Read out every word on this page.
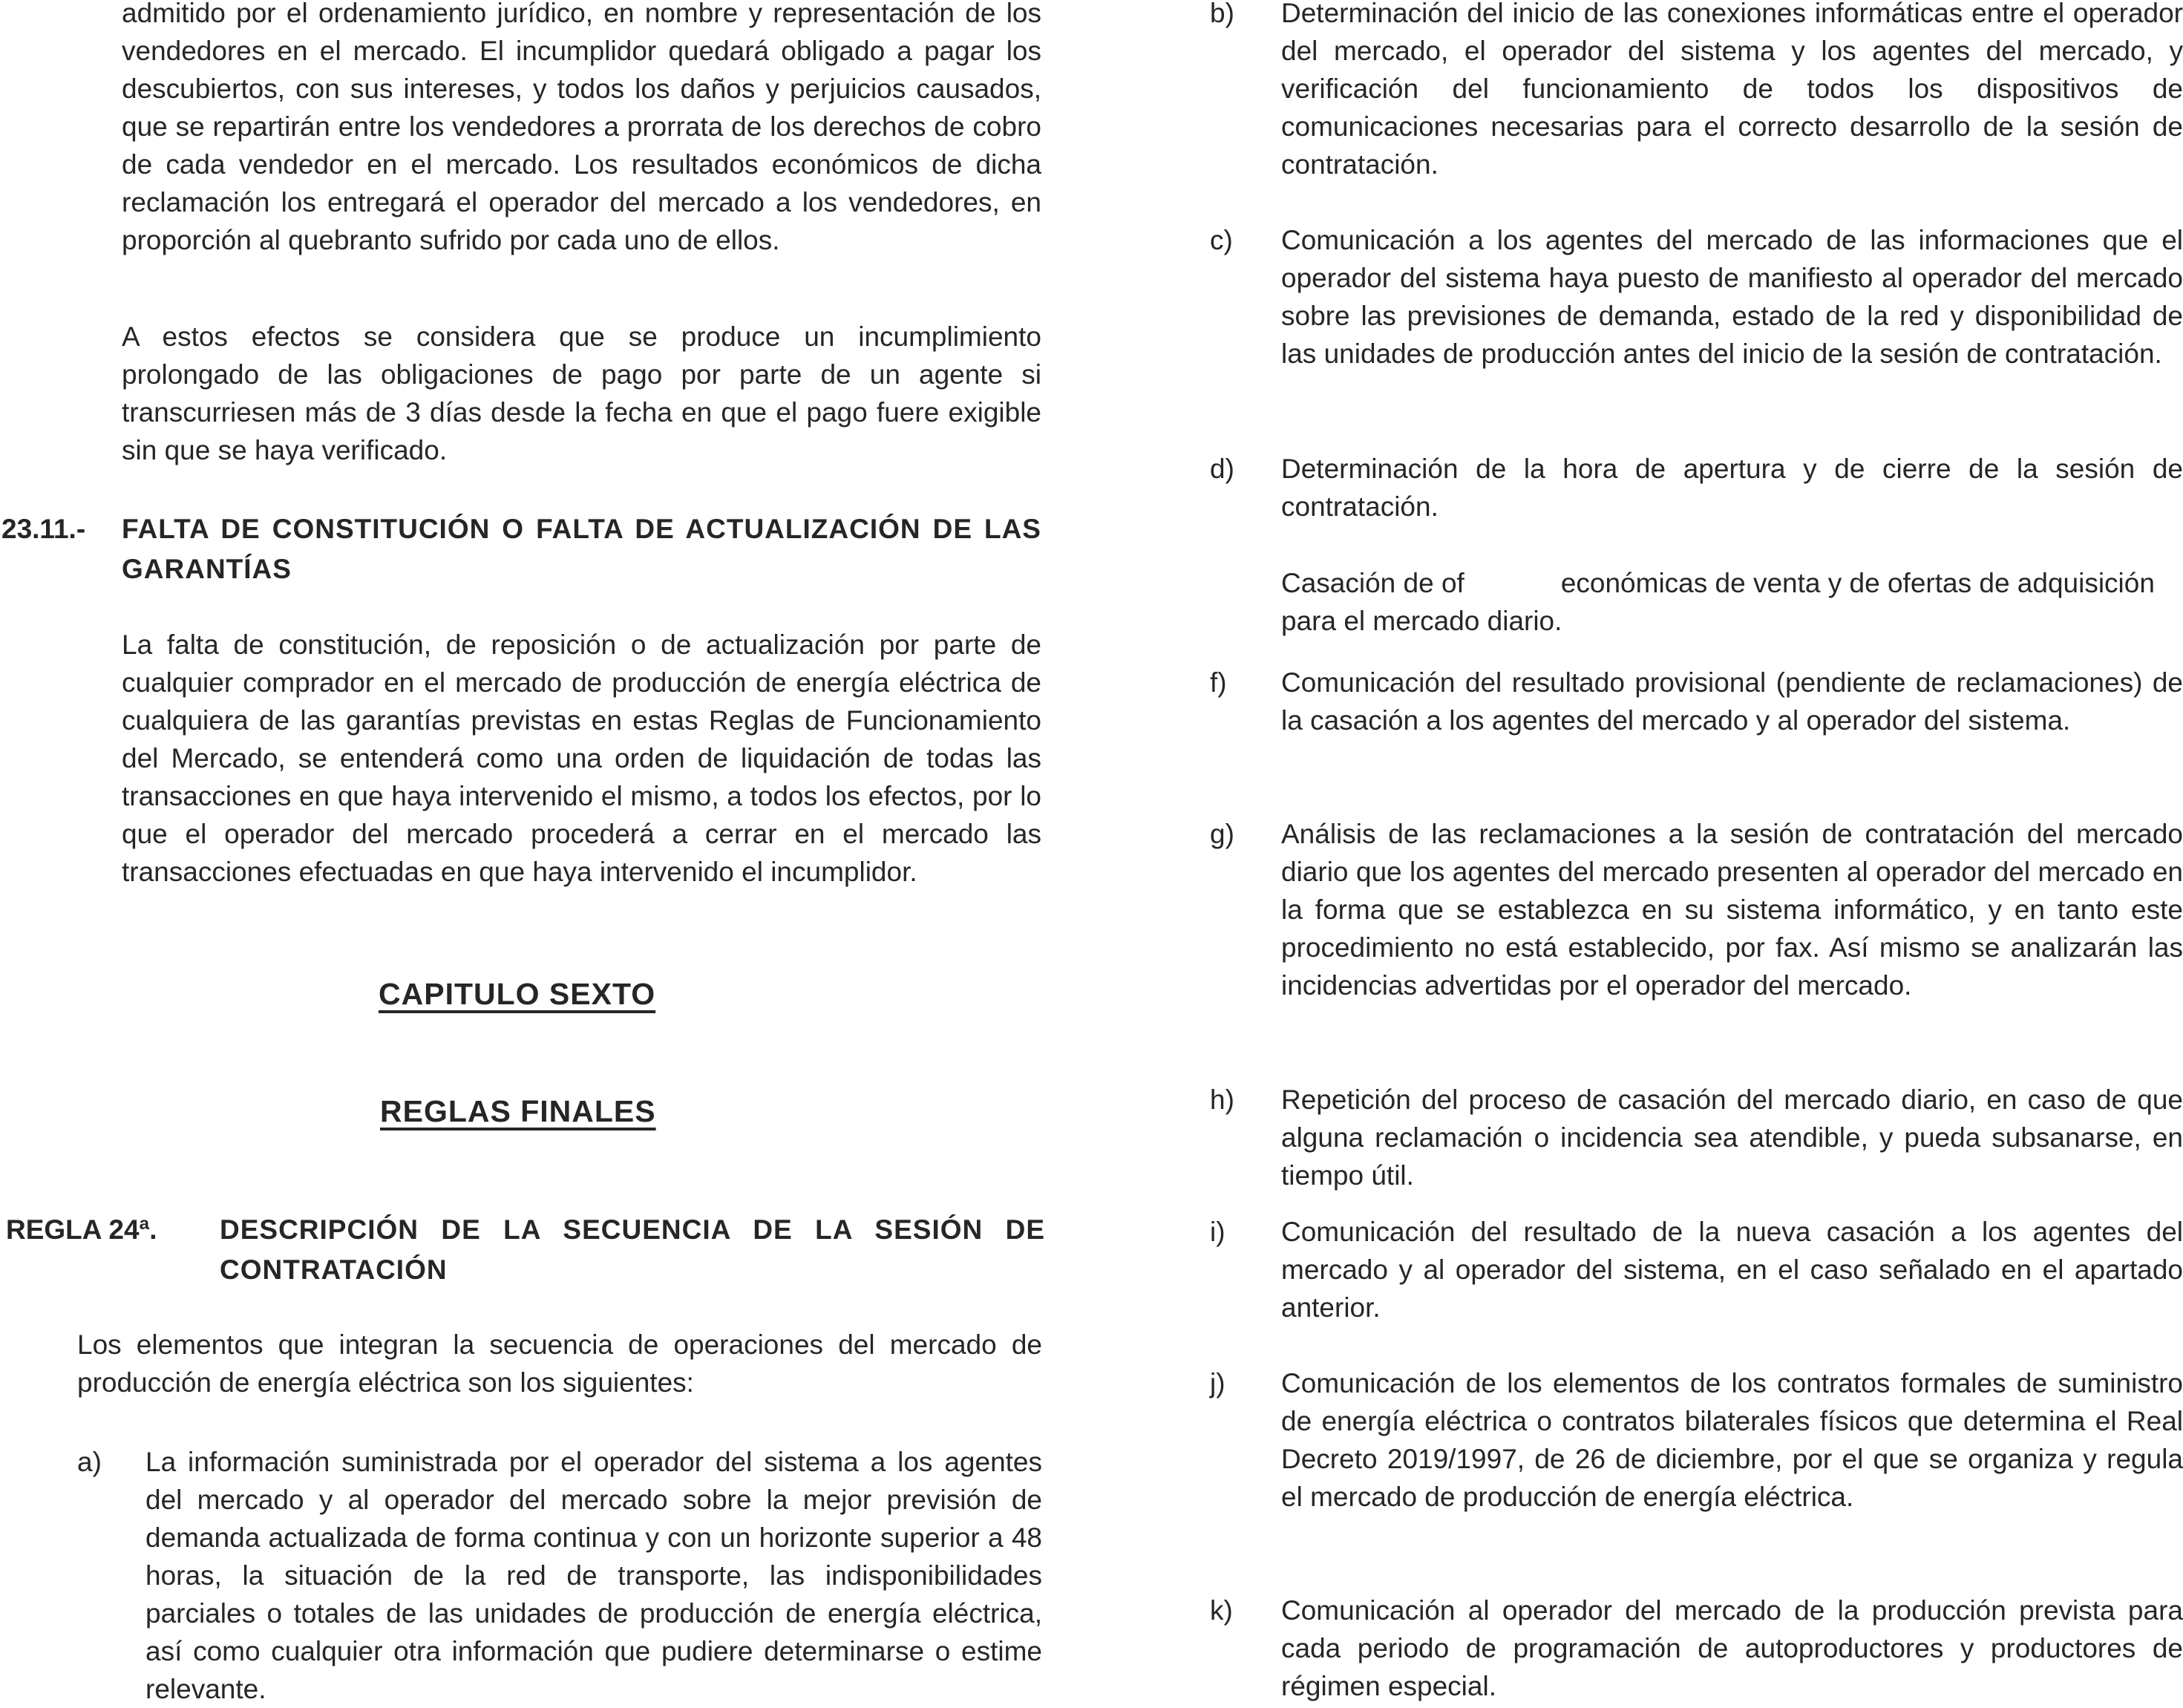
admitido por el ordenamiento jurídico, en nombre y representación de los vendedores en el mercado. El incumplidor quedará obligado a pagar los descubiertos, con sus intereses, y todos los daños y perjuicios causados, que se repartirán entre los vendedores a prorrata de los derechos de cobro de cada vendedor en el mercado. Los resultados económicos de dicha reclamación los entregará el operador del mercado a los vendedores, en proporción al quebranto sufrido por cada uno de ellos.

A estos efectos se considera que se produce un incumplimiento prolongado de las obligaciones de pago por parte de un agente si transcurriesen más de 3 días desde la fecha en que el pago fuere exigible sin que se haya verificado.

23.11.- FALTA DE CONSTITUCIÓN O FALTA DE ACTUALIZACIÓN DE LAS GARANTÍAS

La falta de constitución, de reposición o de actualización por parte de cualquier comprador en el mercado de producción de energía eléctrica de cualquiera de las garantías previstas en estas Reglas de Funcionamiento del Mercado, se entenderá como una orden de liquidación de todas las transacciones en que haya intervenido el mismo, a todos los efectos, por lo que el operador del mercado procederá a cerrar en el mercado las transacciones efectuadas en que haya intervenido el incumplidor.

CAPITULO SEXTO

REGLAS FINALES

REGLA 24ª. DESCRIPCIÓN DE LA SECUENCIA DE LA SESIÓN DE CONTRATACIÓN

Los elementos que integran la secuencia de operaciones del mercado de producción de energía eléctrica son los siguientes:

a) La información suministrada por el operador del sistema a los agentes del mercado y al operador del mercado sobre la mejor previsión de demanda actualizada de forma continua y con un horizonte superior a 48 horas, la situación de la red de transporte, las indisponibilidades parciales o totales de las unidades de producción de energía eléctrica, así como cualquier otra información que pudiere determinarse o estime relevante.

b) Determinación del inicio de las conexiones informáticas entre el operador del mercado, el operador del sistema y los agentes del mercado, y verificación del funcionamiento de todos los dispositivos de comunicaciones necesarias para el correcto desarrollo de la sesión de contratación.

c) Comunicación a los agentes del mercado de las informaciones que el operador del sistema haya puesto de manifiesto al operador del mercado sobre las previsiones de demanda, estado de la red y disponibilidad de las unidades de producción antes del inicio de la sesión de contratación.

d) Determinación de la hora de apertura y de cierre de la sesión de contratación.

Casación de of	económicas de venta y de ofertas de adquisición para el mercado diario.

f) Comunicación del resultado provisional (pendiente de reclamaciones) de la casación a los agentes del mercado y al operador del sistema.

g) Análisis de las reclamaciones a la sesión de contratación del mercado diario que los agentes del mercado presenten al operador del mercado en la forma que se establezca en su sistema informático, y en tanto este procedimiento no está establecido, por fax. Así mismo se analizarán las incidencias advertidas por el operador del mercado.

h) Repetición del proceso de casación del mercado diario, en caso de que alguna reclamación o incidencia sea atendible, y pueda subsanarse, en tiempo útil.

i) Comunicación del resultado de la nueva casación a los agentes del mercado y al operador del sistema, en el caso señalado en el apartado anterior.

j) Comunicación de los elementos de los contratos formales de suministro de energía eléctrica o contratos bilaterales físicos que determina el Real Decreto 2019/1997, de 26 de diciembre, por el que se organiza y regula el mercado de producción de energía eléctrica.

k) Comunicación al operador del mercado de la producción prevista para cada periodo de programación de autoproductores y productores de régimen especial.
